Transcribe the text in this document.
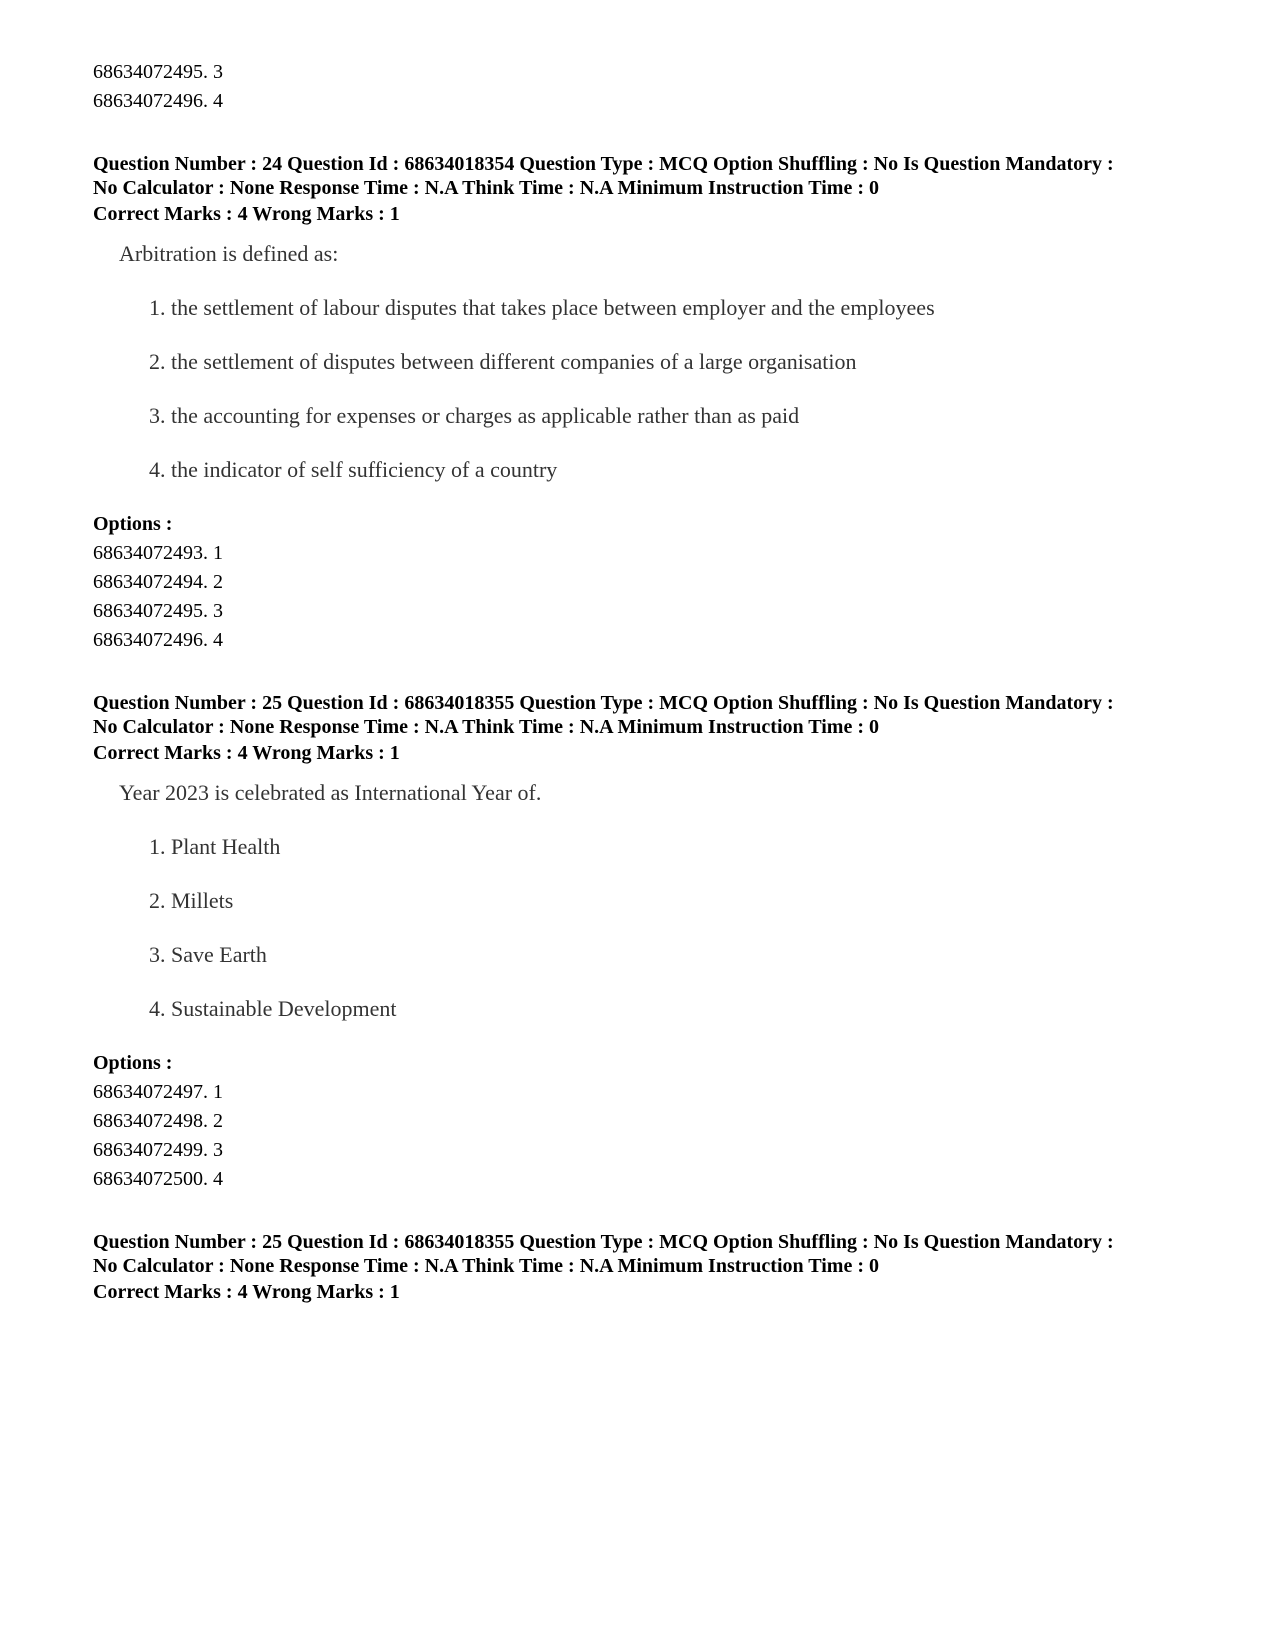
68634072495. 3
68634072496. 4
Question Number : 24 Question Id : 68634018354 Question Type : MCQ Option Shuffling : No Is Question Mandatory :
No Calculator : None Response Time : N.A Think Time : N.A Minimum Instruction Time : 0
Correct Marks : 4 Wrong Marks : 1

Arbitration is defined as:

1. the settlement of labour disputes that takes place between employer and the employees
2. the settlement of disputes between different companies of a large organisation
3. the accounting for expenses or charges as applicable rather than as paid
4. the indicator of self sufficiency of a country
Options :
68634072493. 1
68634072494. 2
68634072495. 3
68634072496. 4
Question Number : 25 Question Id : 68634018355 Question Type : MCQ Option Shuffling : No Is Question Mandatory :
No Calculator : None Response Time : N.A Think Time : N.A Minimum Instruction Time : 0
Correct Marks : 4 Wrong Marks : 1

Year 2023 is celebrated as International Year of.

1. Plant Health
2. Millets
3. Save Earth
4. Sustainable Development
Options :
68634072497. 1
68634072498. 2
68634072499. 3
68634072500. 4
Question Number : 25 Question Id : 68634018355 Question Type : MCQ Option Shuffling : No Is Question Mandatory :
No Calculator : None Response Time : N.A Think Time : N.A Minimum Instruction Time : 0
Correct Marks : 4 Wrong Marks : 1
